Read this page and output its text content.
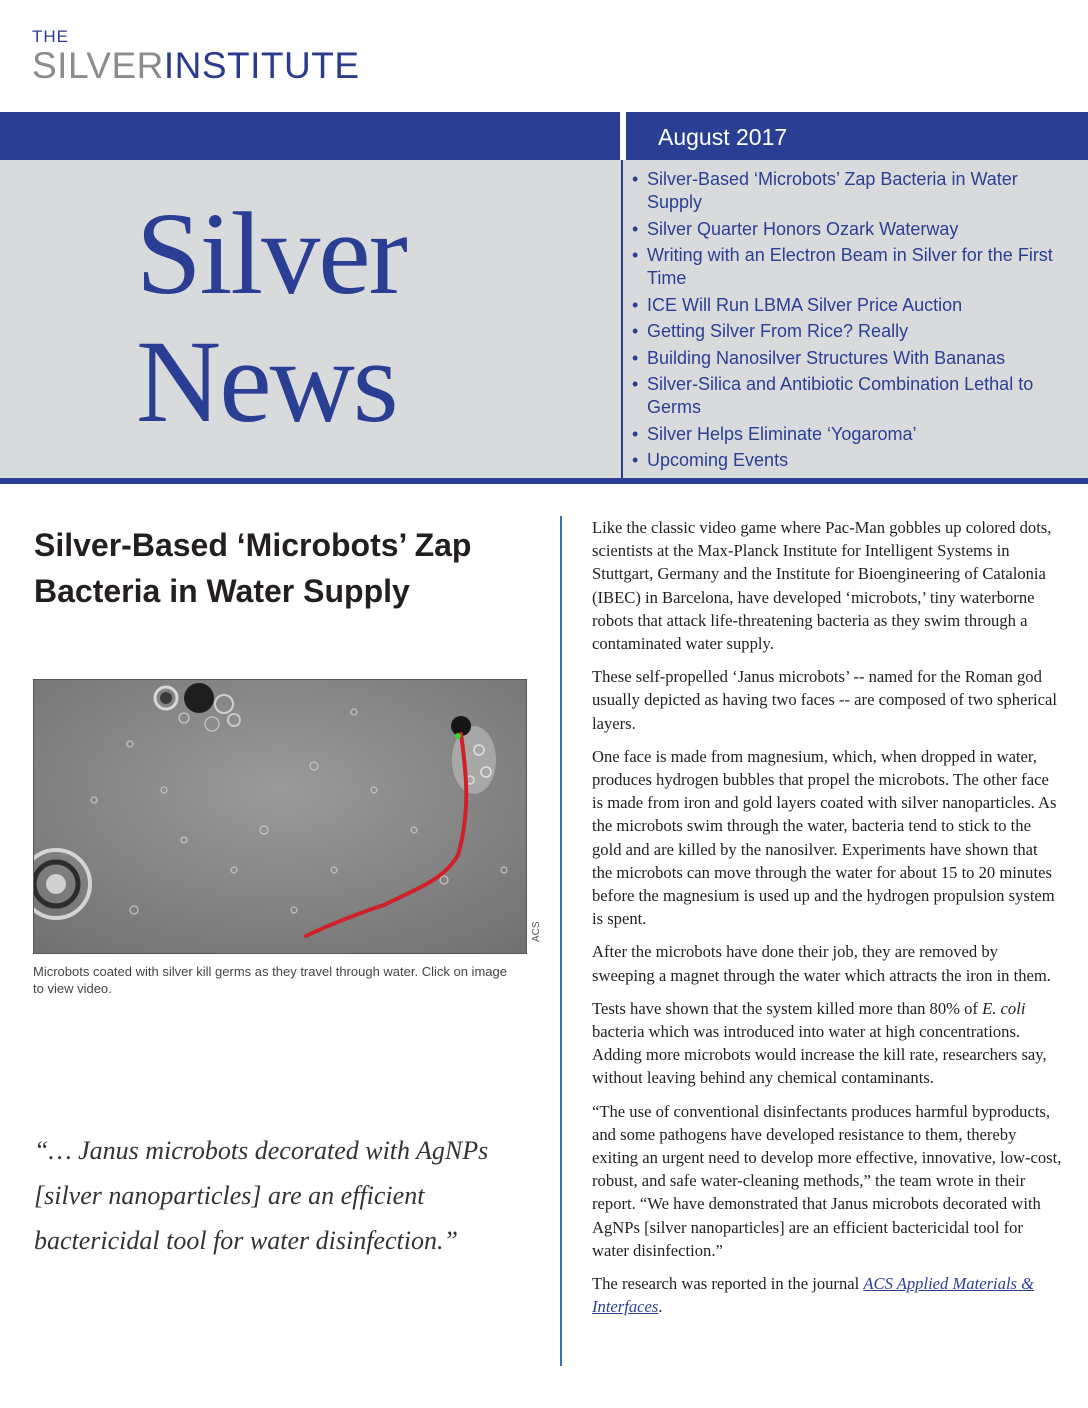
THE
SILVERINSTITUTE
August 2017
Silver
News
• Silver-Based ‘Microbots’ Zap Bacteria in Water Supply
• Silver Quarter Honors Ozark Waterway
• Writing with an Electron Beam in Silver for the First Time
• ICE Will Run LBMA Silver Price Auction
• Getting Silver From Rice? Really
• Building Nanosilver Structures With Bananas
• Silver-Silica and Antibiotic Combination Lethal to Germs
• Silver Helps Eliminate ‘Yogaroma’
• Upcoming Events
Silver-Based ‘Microbots’ Zap Bacteria in Water Supply
ACS
Microbots coated with silver kill germs as they travel through water. Click on image to view video.
“… Janus microbots decorated with AgNPs [silver nanoparticles] are an efficient bactericidal tool for water disinfection.”

Like the classic video game where Pac-Man gobbles up colored dots, scientists at the Max-Planck Institute for Intelligent Systems in Stuttgart, Germany and the Institute for Bioengineering of Catalonia (IBEC) in Barcelona, have developed ‘microbots,’ tiny waterborne robots that attack life-threatening bacteria as they swim through a contaminated water supply.

These self-propelled ‘Janus microbots’ -- named for the Roman god usually depicted as having two faces -- are composed of two spherical layers.

One face is made from magnesium, which, when dropped in water, produces hydrogen bubbles that propel the microbots. The other face is made from iron and gold layers coated with silver nanoparticles. As the microbots swim through the water, bacteria tend to stick to the gold and are killed by the nanosilver. Experiments have shown that the microbots can move through the water for about 15 to 20 minutes before the magnesium is used up and the hydrogen propulsion system is spent.

After the microbots have done their job, they are removed by sweeping a magnet through the water which attracts the iron in them.

Tests have shown that the system killed more than 80% of E. coli bacteria which was introduced into water at high concentrations. Adding more microbots would increase the kill rate, researchers say, without leaving behind any chemical contaminants.

“The use of conventional disinfectants produces harmful byproducts, and some pathogens have developed resistance to them, thereby exiting an urgent need to develop more effective, innovative, low-cost, robust, and safe water-cleaning methods,” the team wrote in their report. “We have demonstrated that Janus microbots decorated with AgNPs [silver nanoparticles] are an efficient bactericidal tool for water disinfection.”

The research was reported in the journal ACS Applied Materials & Interfaces.
